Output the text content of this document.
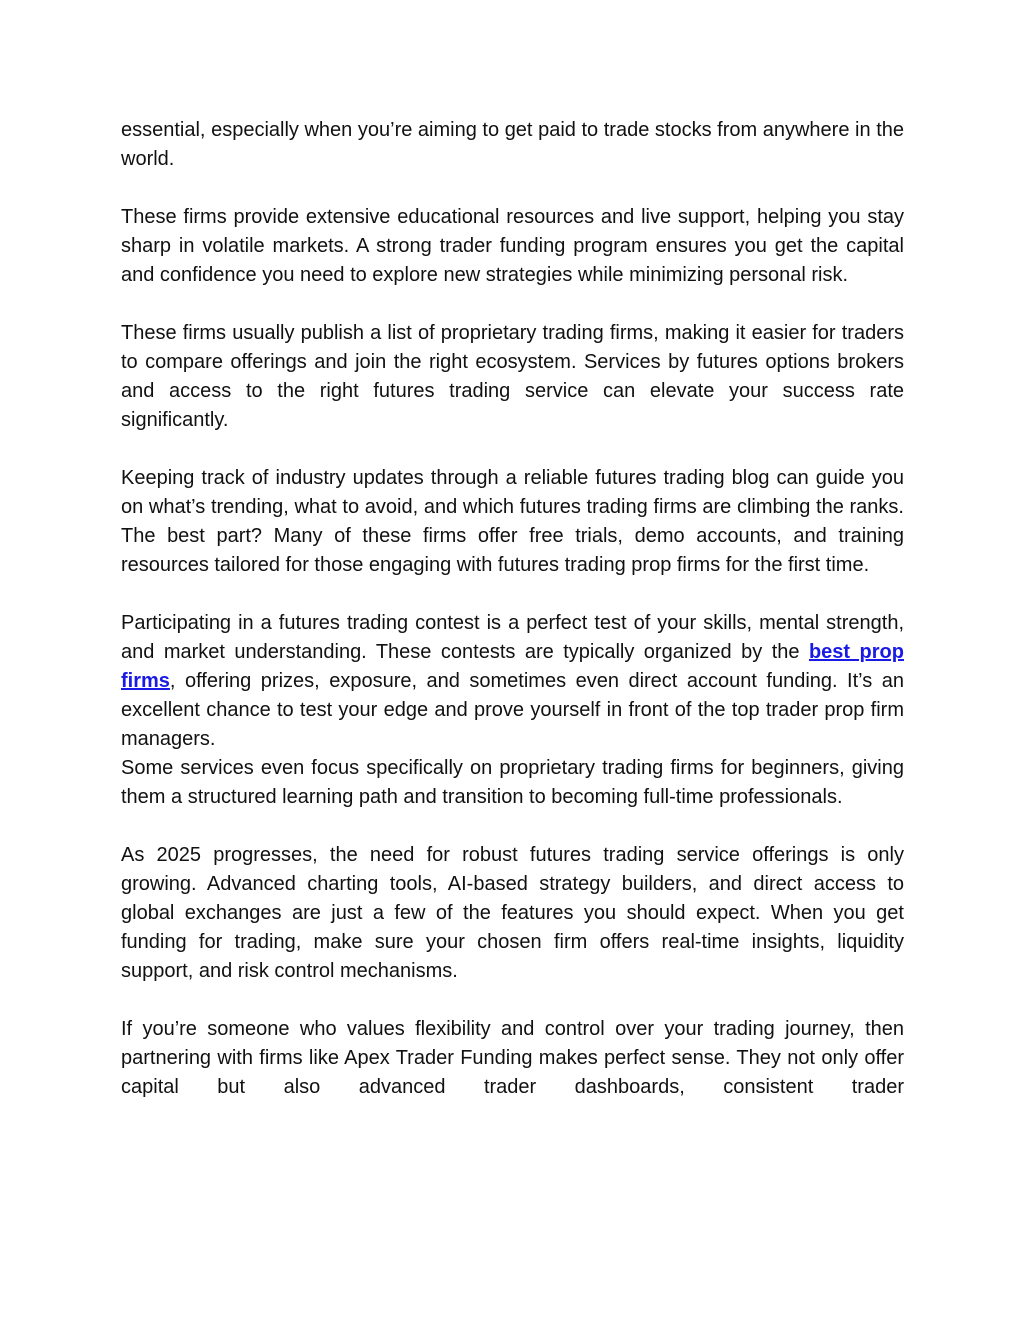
essential, especially when you’re aiming to get paid to trade stocks from anywhere in the world.

These firms provide extensive educational resources and live support, helping you stay sharp in volatile markets. A strong trader funding program ensures you get the capital and confidence you need to explore new strategies while minimizing personal risk.

These firms usually publish a list of proprietary trading firms, making it easier for traders to compare offerings and join the right ecosystem. Services by futures options brokers and access to the right futures trading service can elevate your success rate significantly.

Keeping track of industry updates through a reliable futures trading blog can guide you on what’s trending, what to avoid, and which futures trading firms are climbing the ranks. The best part? Many of these firms offer free trials, demo accounts, and training resources tailored for those engaging with futures trading prop firms for the first time.

Participating in a futures trading contest is a perfect test of your skills, mental strength, and market understanding. These contests are typically organized by the best prop firms, offering prizes, exposure, and sometimes even direct account funding. It’s an excellent chance to test your edge and prove yourself in front of the top trader prop firm managers.

Some services even focus specifically on proprietary trading firms for beginners, giving them a structured learning path and transition to becoming full-time professionals.

As 2025 progresses, the need for robust futures trading service offerings is only growing. Advanced charting tools, AI-based strategy builders, and direct access to global exchanges are just a few of the features you should expect. When you get funding for trading, make sure your chosen firm offers real-time insights, liquidity support, and risk control mechanisms.

If you’re someone who values flexibility and control over your trading journey, then partnering with firms like Apex Trader Funding makes perfect sense. They not only offer capital but also advanced trader dashboards, consistent trader
